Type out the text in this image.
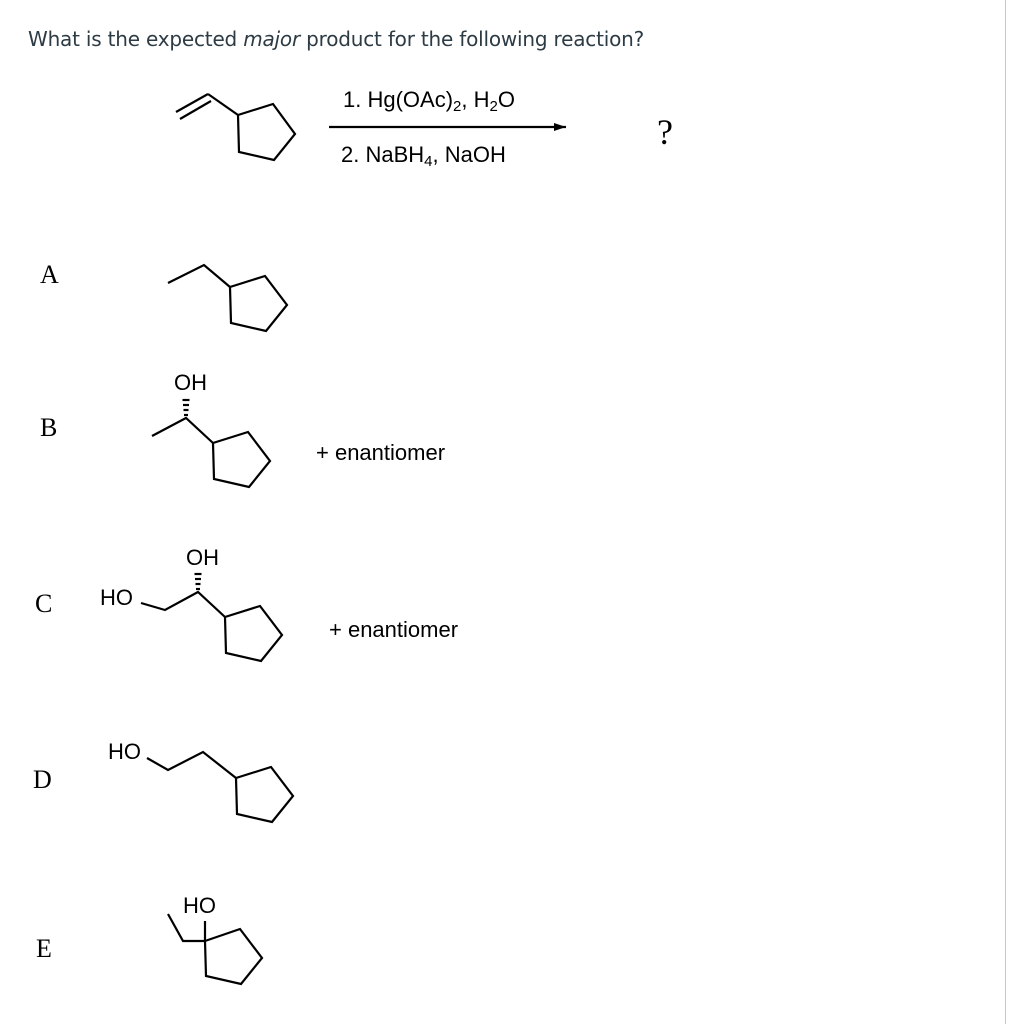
What is the expected major product for the following reaction?
1. $Hg(OAc)_2$, $H_2O$
2. NaBH$_4$, NaOH
?
A
B
C
D
E
OH
+ enantiomer
HO
OH
+ enantiomer
HO
HO
